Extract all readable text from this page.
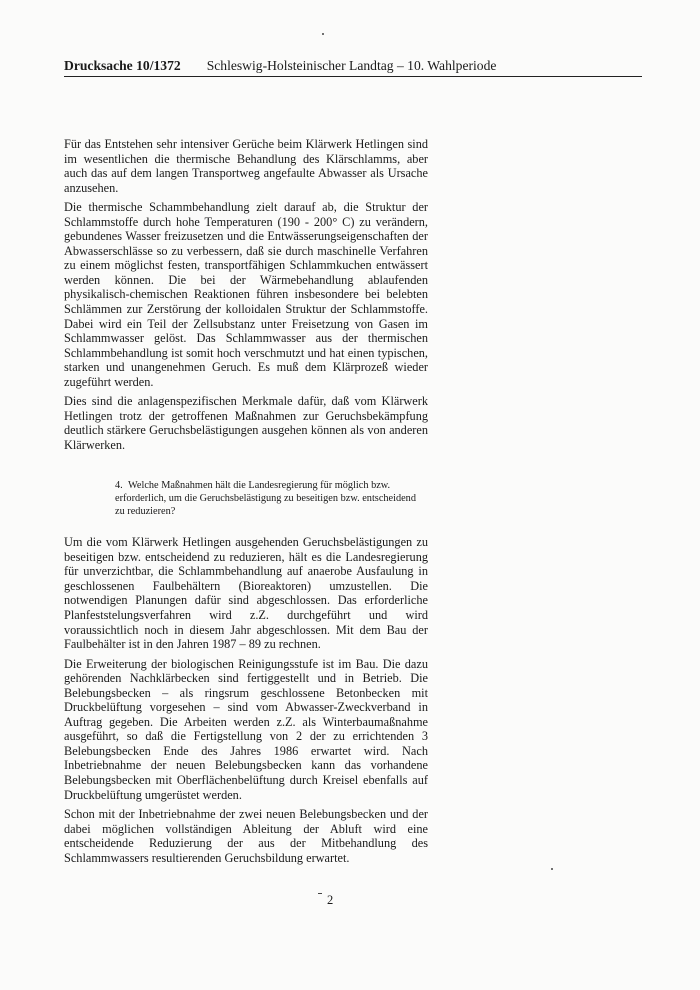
Drucksache 10/1372 Schleswig-Holsteinischer Landtag – 10. Wahlperiode

Für das Entstehen sehr intensiver Gerüche beim Klärwerk Hetlingen sind im wesentlichen die thermische Behandlung des Klärschlamms, aber auch das auf dem langen Transportweg angefaulte Abwasser als Ursache anzusehen.

Die thermische Schammbehandlung zielt darauf ab, die Struktur der Schlammstoffe durch hohe Temperaturen (190 - 200° C) zu verändern, gebundenes Wasser freizusetzen und die Entwässerungseigenschaften der Abwasserschlässe so zu verbessern, daß sie durch maschinelle Verfahren zu einem möglichst festen, transportfähigen Schlammkuchen entwässert werden können. Die bei der Wärmebehandlung ablaufenden physikalisch-chemischen Reaktionen führen insbesondere bei belebten Schlämmen zur Zerstörung der kolloidalen Struktur der Schlammstoffe. Dabei wird ein Teil der Zellsubstanz unter Freisetzung von Gasen im Schlammwasser gelöst. Das Schlammwasser aus der thermischen Schlammbehandlung ist somit hoch verschmutzt und hat einen typischen, starken und unangenehmen Geruch. Es muß dem Klärprozeß wieder zugeführt werden.

Dies sind die anlagenspezifischen Merkmale dafür, daß vom Klärwerk Hetlingen trotz der getroffenen Maßnahmen zur Geruchsbekämpfung deutlich stärkere Geruchsbelästigungen ausgehen können als von anderen Klärwerken.

4. Welche Maßnahmen hält die Landesregierung für möglich bzw. erforderlich, um die Geruchsbelästigung zu beseitigen bzw. entscheidend zu reduzieren?

Um die vom Klärwerk Hetlingen ausgehenden Geruchsbelästigungen zu beseitigen bzw. entscheidend zu reduzieren, hält es die Landesregierung für unverzichtbar, die Schlammbehandlung auf anaerobe Ausfaulung in geschlossenen Faulbehältern (Bioreaktoren) umzustellen. Die notwendigen Planungen dafür sind abgeschlossen. Das erforderliche Planfeststelungsverfahren wird z.Z. durchgeführt und wird voraussichtlich noch in diesem Jahr abgeschlossen. Mit dem Bau der Faulbehälter ist in den Jahren 1987 – 89 zu rechnen.

Die Erweiterung der biologischen Reinigungsstufe ist im Bau. Die dazu gehörenden Nachklärbecken sind fertiggestellt und in Betrieb. Die Belebungsbecken – als ringsrum geschlossene Betonbecken mit Druckbelüftung vorgesehen – sind vom Abwasser-Zweckverband in Auftrag gegeben. Die Arbeiten werden z.Z. als Winterbaumaßnahme ausgeführt, so daß die Fertigstellung von 2 der zu errichtenden 3 Belebungsbecken Ende des Jahres 1986 erwartet wird. Nach Inbetriebnahme der neuen Belebungsbecken kann das vorhandene Belebungsbecken mit Oberflächenbelüftung durch Kreisel ebenfalls auf Druckbelüftung umgerüstet werden.

Schon mit der Inbetriebnahme der zwei neuen Belebungsbecken und der dabei möglichen vollständigen Ableitung der Abluft wird eine entscheidende Reduzierung der aus der Mitbehandlung des Schlammwassers resultierenden Geruchsbildung erwartet.

2
